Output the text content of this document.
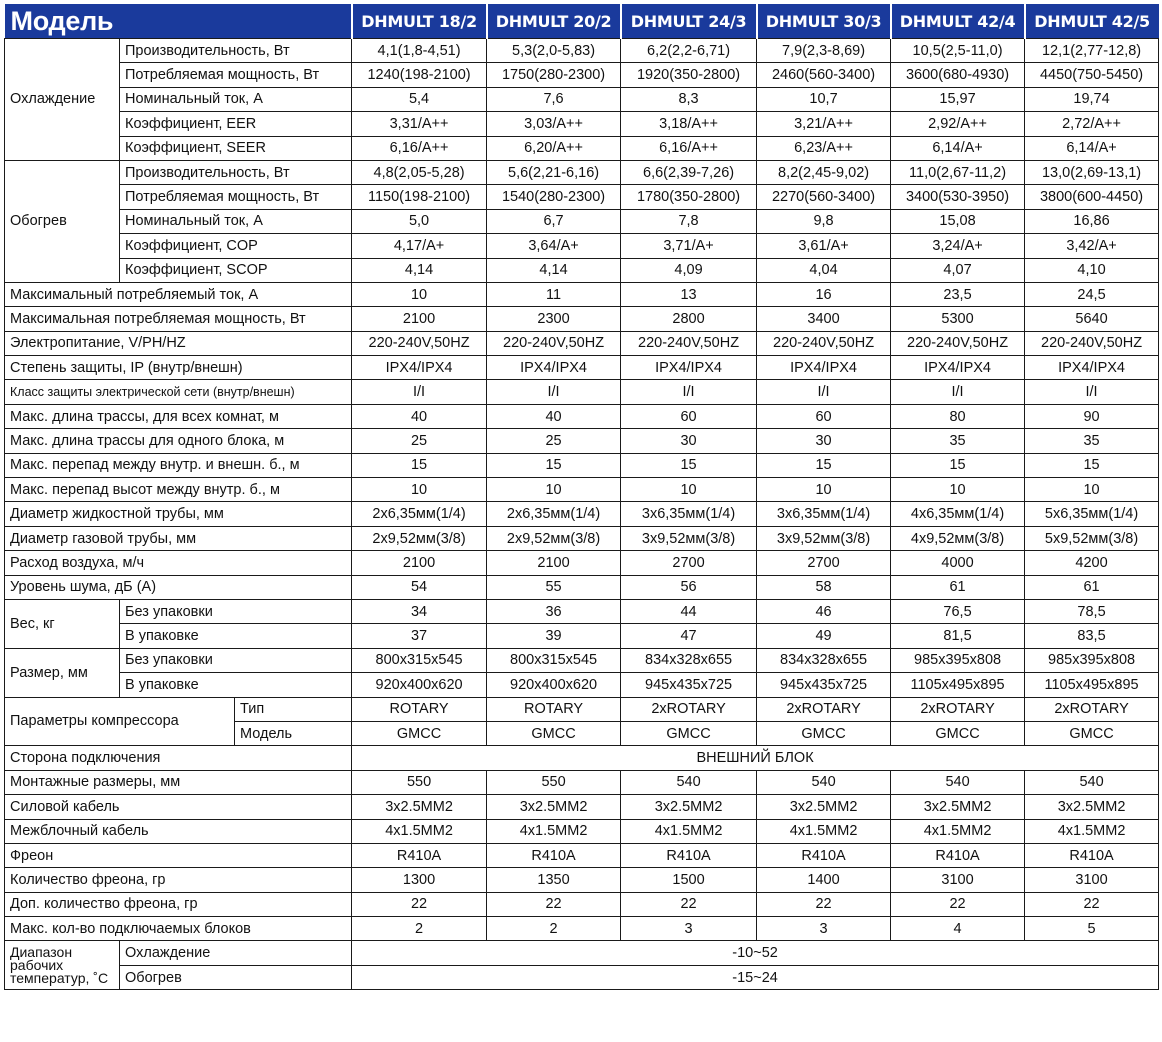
Модель			DHMULT 18/2	DHMULT 20/2	DHMULT 24/3	DHMULT 30/3	DHMULT 42/4	DHMULT 42/5
Охлаждение	Производительность, Вт		4,1(1,8-4,51)	5,3(2,0-5,83)	6,2(2,2-6,71)	7,9(2,3-8,69)	10,5(2,5-11,0)	12,1(2,77-12,8)
	Потребляемая мощность, Вт		1240(198-2100)	1750(280-2300)	1920(350-2800)	2460(560-3400)	3600(680-4930)	4450(750-5450)
	Номинальный ток, А		5,4	7,6	8,3	10,7	15,97	19,74
	Коэффициент, EER		3,31/A++	3,03/A++	3,18/A++	3,21/A++	2,92/A++	2,72/A++
	Коэффициент, SEER		6,16/A++	6,20/A++	6,16/A++	6,23/A++	6,14/A+	6,14/A+
Обогрев	Производительность, Вт		4,8(2,05-5,28)	5,6(2,21-6,16)	6,6(2,39-7,26)	8,2(2,45-9,02)	11,0(2,67-11,2)	13,0(2,69-13,1)
	Потребляемая мощность, Вт		1150(198-2100)	1540(280-2300)	1780(350-2800)	2270(560-3400)	3400(530-3950)	3800(600-4450)
	Номинальный ток, А		5,0	6,7	7,8	9,8	15,08	16,86
	Коэффициент, COP		4,17/A+	3,64/A+	3,71/A+	3,61/A+	3,24/A+	3,42/A+
	Коэффициент, SCOP		4,14	4,14	4,09	4,04	4,07	4,10
Максимальный потребляемый ток, А			10	11	13	16	23,5	24,5
Максимальная потребляемая мощность, Вт			2100	2300	2800	3400	5300	5640
Электропитание, V/PH/HZ			220-240V,50HZ	220-240V,50HZ	220-240V,50HZ	220-240V,50HZ	220-240V,50HZ	220-240V,50HZ
Степень защиты, IP (внутр/внешн)			IPX4/IPX4	IPX4/IPX4	IPX4/IPX4	IPX4/IPX4	IPX4/IPX4	IPX4/IPX4
Класс защиты электрической сети (внутр/внешн)			I/I	I/I	I/I	I/I	I/I	I/I
Макс. длина трассы, для всех комнат, м			40	40	60	60	80	90
Макс. длина трассы для одного блока, м			25	25	30	30	35	35
Макс. перепад между внутр. и внешн. б., м			15	15	15	15	15	15
Макс. перепад высот между внутр. б., м			10	10	10	10	10	10
Диаметр жидкостной трубы, мм			2x6,35мм(1/4)	2x6,35мм(1/4)	3x6,35мм(1/4)	3x6,35мм(1/4)	4x6,35мм(1/4)	5x6,35мм(1/4)
Диаметр газовой трубы, мм			2x9,52мм(3/8)	2x9,52мм(3/8)	3x9,52мм(3/8)	3x9,52мм(3/8)	4x9,52мм(3/8)	5x9,52мм(3/8)
Расход воздуха, м/ч			2100	2100	2700	2700	4000	4200
Уровень шума, дБ (А)			54	55	56	58	61	61
Вес, кг	Без упаковки		34	36	44	46	76,5	78,5
	В упаковке		37	39	47	49	81,5	83,5
Размер, мм	Без упаковки		800x315x545	800x315x545	834x328x655	834x328x655	985x395x808	985x395x808
	В упаковке		920x400x620	920x400x620	945x435x725	945x435x725	1105x495x895	1105x495x895
Параметры компрессора		Тип	ROTARY	ROTARY	2xROTARY	2xROTARY	2xROTARY	2xROTARY
		Модель	GMCC	GMCC	GMCC	GMCC	GMCC	GMCC
Сторона подключения			ВНЕШНИЙ БЛОК					
Монтажные размеры, мм			550	550	540	540	540	540
Силовой кабель			3x2.5MM2	3x2.5MM2	3x2.5MM2	3x2.5MM2	3x2.5MM2	3x2.5MM2
Межблочный кабель			4x1.5MM2	4x1.5MM2	4x1.5MM2	4x1.5MM2	4x1.5MM2	4x1.5MM2
Фреон			R410A	R410A	R410A	R410A	R410A	R410A
Количество фреона, гр			1300	1350	1500	1400	3100	3100
Доп. количество фреона, гр			22	22	22	22	22	22
Макс. кол-во подключаемых блоков			2	2	3	3	4	5
Диапазон рабочих температур, ˚С	Охлаждение		-10~52					
	Обогрев		-15~24					
